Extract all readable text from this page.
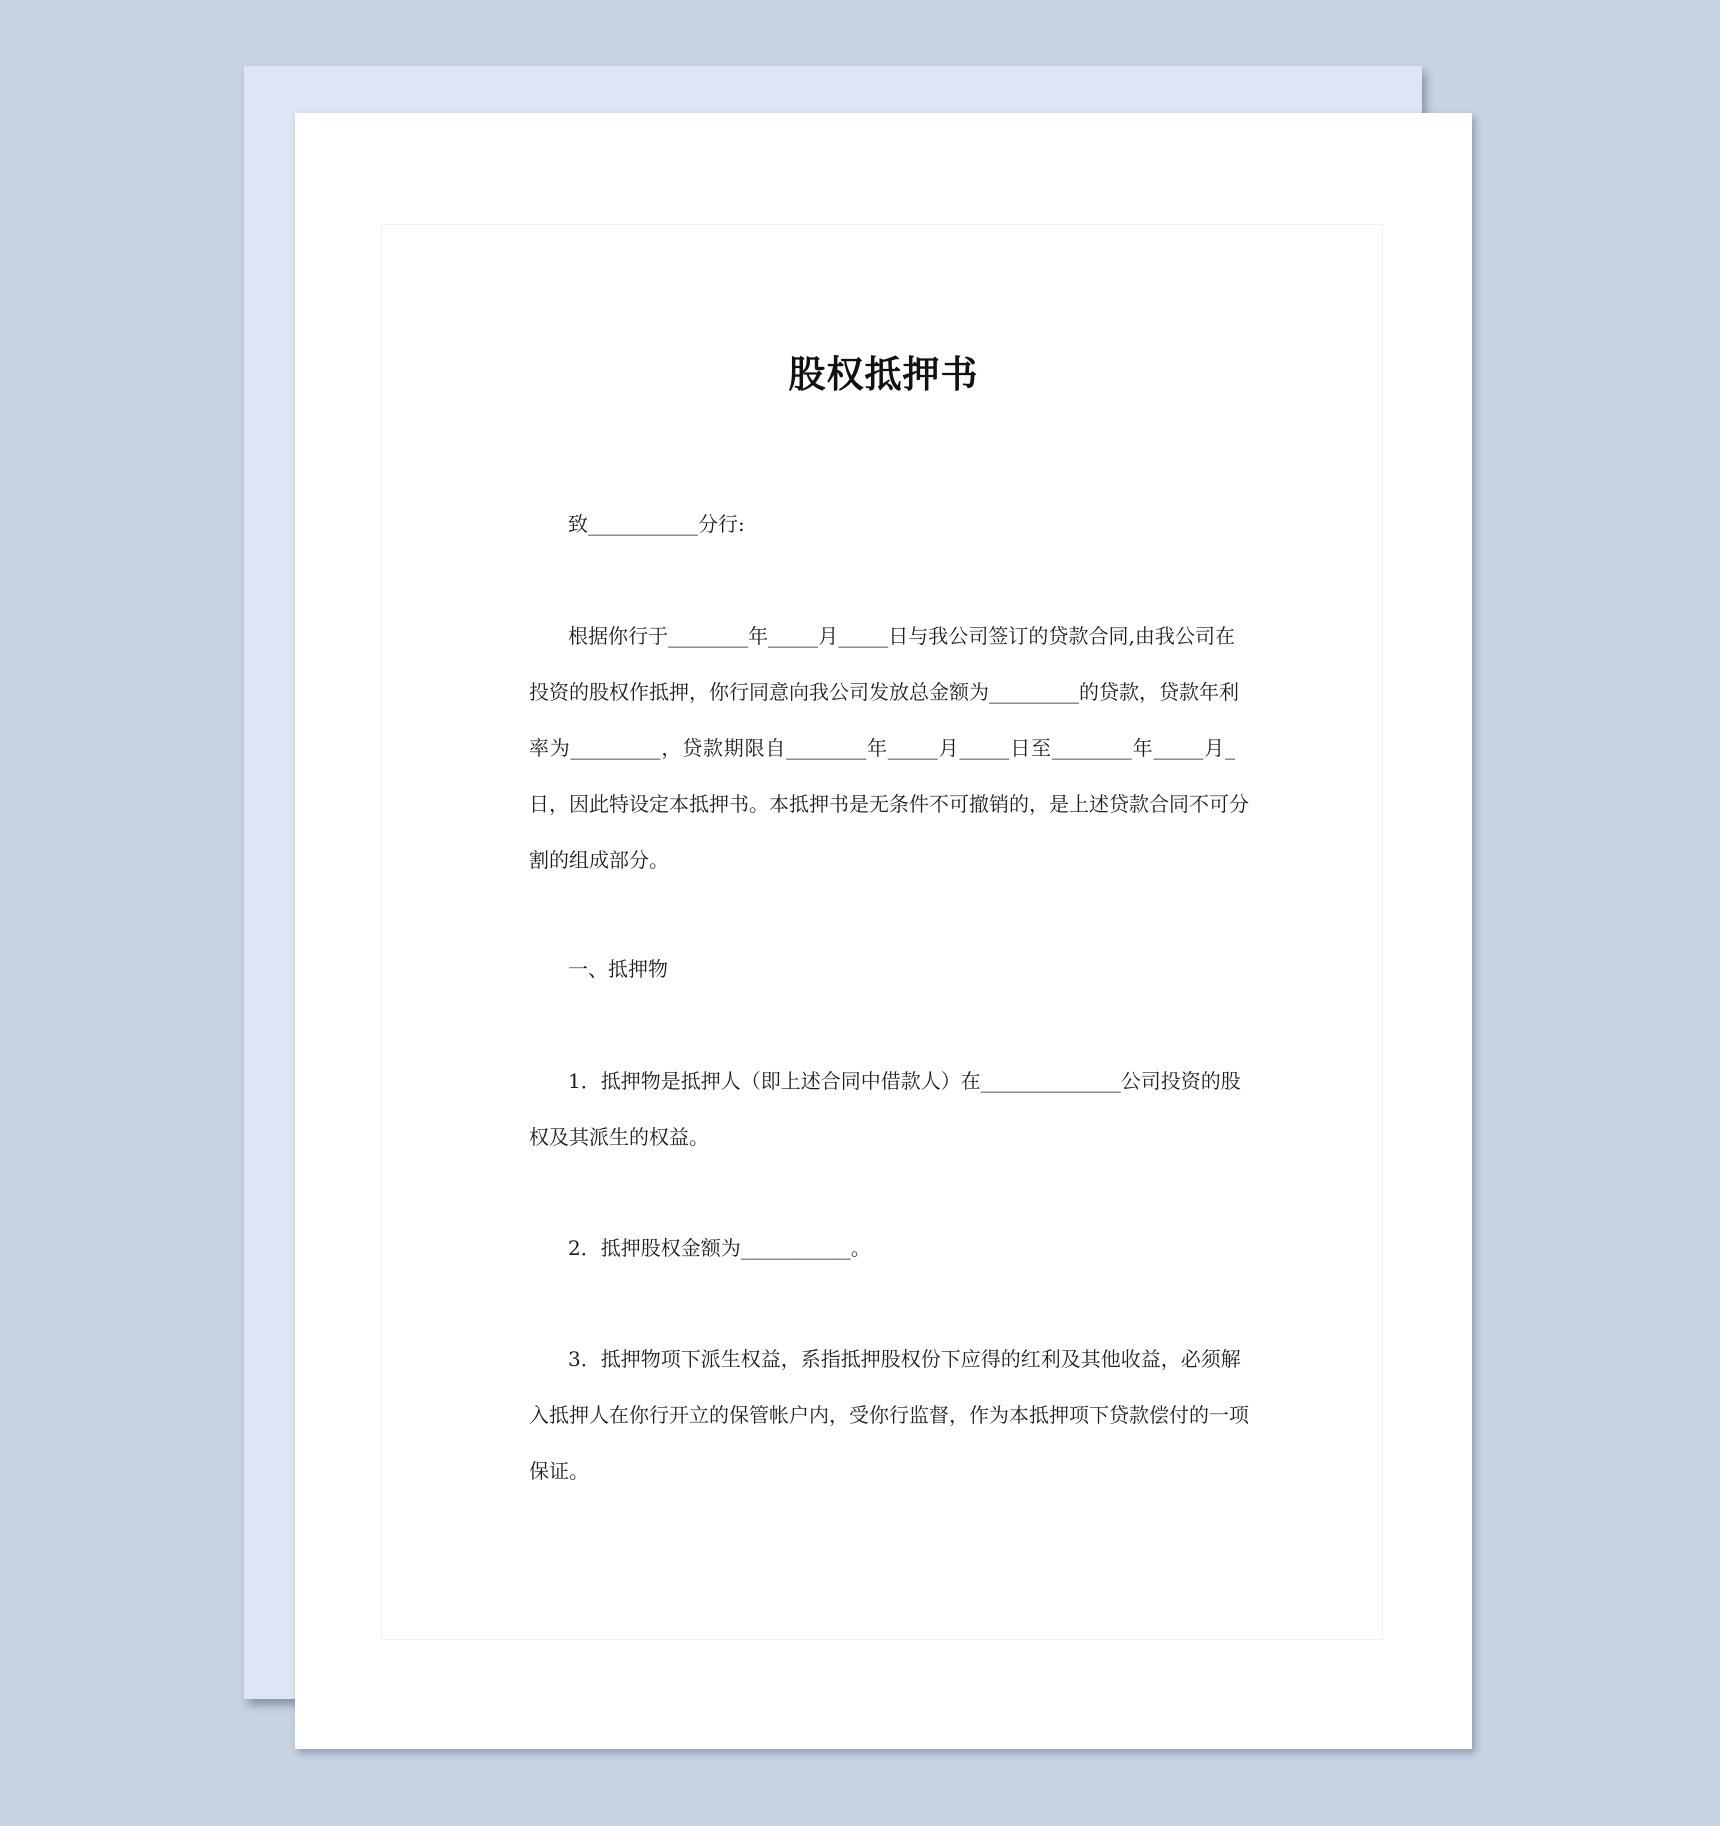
股权抵押书

致___________分行:

根据你行于________年_____月_____日与我公司签订的贷款合同,由我公司在
投资的股权作抵押，你行同意向我公司发放总金额为_________的贷款，贷款年利
率为_________，贷款期限自________年_____月_____日至________年_____月_
日，因此特设定本抵押书。本抵押书是无条件不可撤销的，是上述贷款合同不可分
割的组成部分。

一、抵押物

1．抵押物是抵押人（即上述合同中借款人）在______________公司投资的股
权及其派生的权益。

2．抵押股权金额为___________。

3．抵押物项下派生权益，系指抵押股权份下应得的红利及其他收益，必须解
入抵押人在你行开立的保管帐户内，受你行监督，作为本抵押项下贷款偿付的一项
保证。
